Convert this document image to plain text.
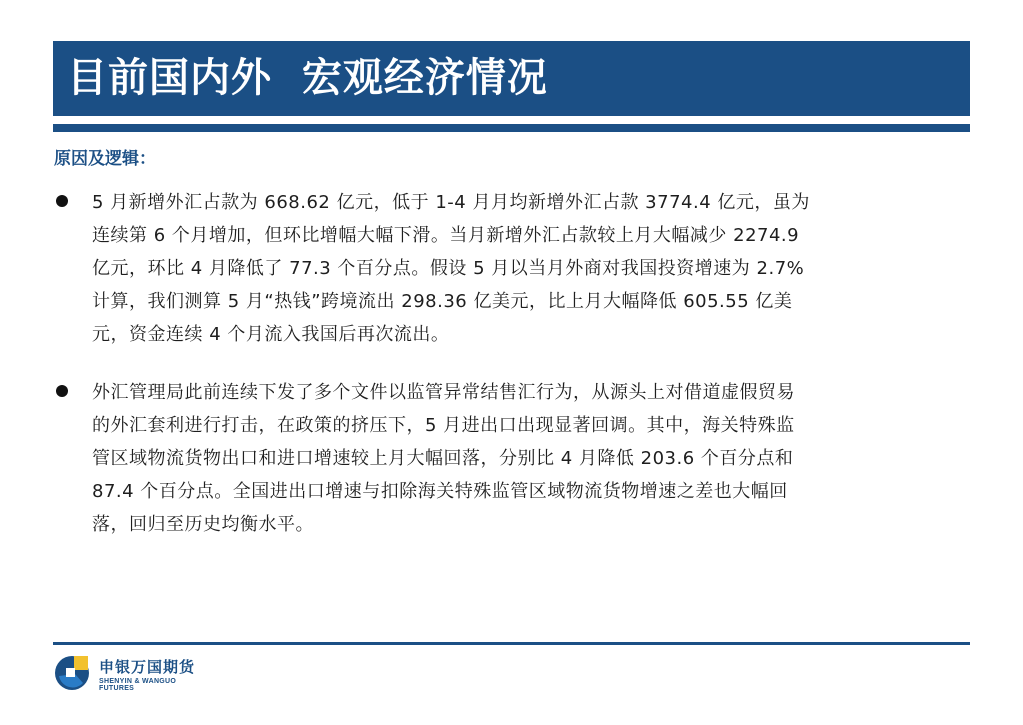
目前国内外  宏观经济情况
原因及逻辑：
5 月新增外汇占款为 668.62 亿元，低于 1-4 月月均新增外汇占款 3774.4 亿元，虽为连续第 6 个月增加，但环比增幅大幅下滑。当月新增外汇占款较上月大幅减少 2274.9 亿元，环比 4 月降低了 77.3 个百分点。假设 5 月以当月外商对我国投资增速为 2.7%计算，我们测算 5 月“热钱”跨境流出 298.36 亿美元，比上月大幅降低 605.55 亿美元，资金连续 4 个月流入我国后再次流出。
外汇管理局此前连续下发了多个文件以监管异常结售汇行为，从源头上对借道虚假贸易的外汇套利进行打击，在政策的挤压下，5 月进出口出现显著回调。其中，海关特殊监管区域物流货物出口和进口增速较上月大幅回落，分别比 4 月降低 203.6 个百分点和 87.4 个百分点。全国进出口增速与扣除海关特殊监管区域物流货物增速之差也大幅回落，回归至历史均衡水平。
申银万国期货
SHENYIN & WANGUO FUTURES
